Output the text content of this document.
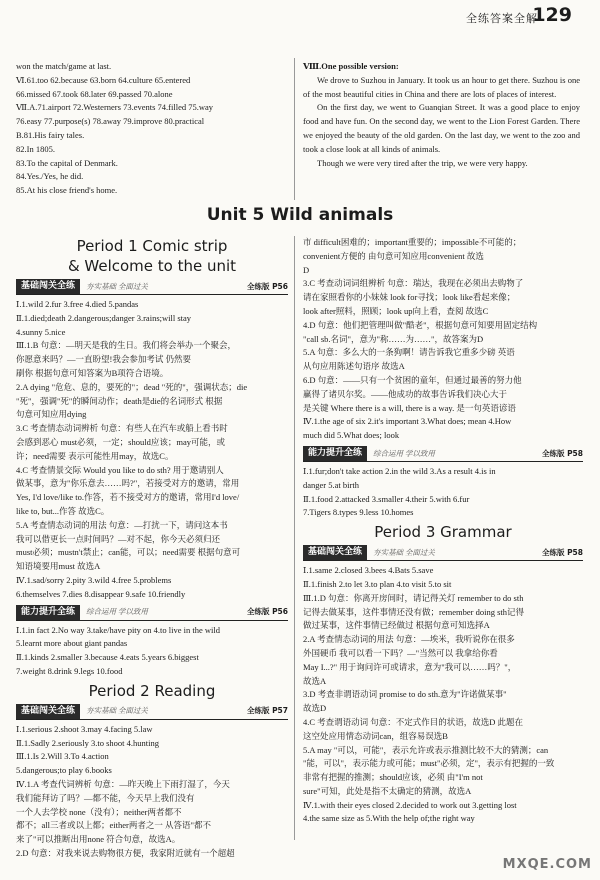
全练答案全解
129

won the match/game at last.

Ⅵ.61.too 62.because 63.born 64.culture 65.entered

66.missed 67.took 68.later 69.passed 70.alone

Ⅶ.A.71.airport 72.Westerners 73.events 74.filled 75.way

76.easy 77.purpose(s) 78.away 79.improve 80.practical

B.81.His fairy tales.

82.In 1805.

83.To the capital of Denmark.

84.Yes./Yes, he did.

85.At his close friend's home.

Ⅷ.One possible version:

We drove to Suzhou in January. It took us an hour to get there. Suzhou is one of the most beautiful cities in China and there are lots of places of interest.

On the first day, we went to Guanqian Street. It was a good place to enjoy food and have fun. On the second day, we went to the Lion Forest Garden. There we enjoyed the beauty of the old garden. On the last day, we went to the zoo and took a close look at all kinds of animals.

Though we were very tired after the trip, we were very happy.

Unit 5 Wild animals

Period 1 Comic strip

& Welcome to the unit

基础闯关全练	夯实基础 全面过关	全练版 P56

Ⅰ.1.wild 2.fur 3.free 4.died 5.pandas

Ⅱ.1.died;death 2.dangerous;danger 3.rains;will stay

4.sunny 5.nice

Ⅲ.1.B 句意：—明天是我的生日。我们将会举办一个聚会，

你愿意来吗？—一直盼望!我会参加考试 仍然要

刷你 根据句意可知答案为B项符合语境。

2.A dying "危危、息的，要死的"；dead "死的"，强调状态；die

"死"，强调"死"的瞬间动作；death是die的名词形式 根据

句意可知应用dying

3.C 考查情态动词辨析 句意：有些人在汽车或船上看书时

会感到恶心 must必须，一定；should应该；may可能，或

许；need需要 表示可能性用may，故选C。

4.C 考查情景交际 Would you like to do sth? 用于邀请别人

做某事，意为"你乐意去……吗?"，若接受对方的邀请，常用

Yes, I'd love/like to.作答，若不接受对方的邀请，常用I'd love/

like to, but...作答 故选C。

5.A 考查情态动词的用法 句意：—打扰一下，请问这本书

我可以借更长一点时间吗？—对不起，你今天必须归还

must必须；mustn't禁止；can能，可以；need需要 根据句意可

知语境要用must 故选A

Ⅳ.1.sad/sorry 2.pity 3.wild 4.free 5.problems

6.themselves 7.dies 8.disappear 9.safe 10.friendly

能力提升全练	综合运用 学以致用	全练版 P56

Ⅰ.1.in fact 2.No way 3.take/have pity on 4.to live in the wild

5.learnt more about giant pandas

Ⅱ.1.kinds 2.smaller 3.because 4.eats 5.years 6.biggest

7.weight 8.drink 9.legs 10.food

Period 2 Reading

基础闯关全练	夯实基础 全面过关	全练版 P57

Ⅰ.1.serious 2.shoot 3.may 4.facing 5.law

Ⅱ.1.Sadly 2.seriously 3.to shoot 4.hunting

Ⅲ.1.Is 2.Will 3.To 4.action

5.dangerous;to play 6.books

Ⅳ.1.A 考查代词辨析 句意：—昨天晚上下雨打湿了，今天

我们能拜访了吗？—都不能，今天早上我们没有

一个人去学校 none（没有）；neither两者都不

都不；all三者或以上都；either两者之一 从答语"都不

来了"可以推断出用none 符合句意，故选A。

2.D 句意：对我来说去购物很方便，我家附近就有一个超超

市 difficult困难的；important重要的；impossible不可能的；

convenient方便的 由句意可知应用convenient 故选

D

3.C 考查动词词组辨析 句意：瑞达，我现在必须出去购物了

请在家照看你的小妹妹 look for寻找；look like看起来像；

look after照料，照顾；look up向上看，查阅 故选C

4.D 句意：他们把管理叫做"酷老"，根据句意可知要用固定结构

"call sb.名词"，意为"称……为……"，故答案为D

5.A 句意：多么大的一条狗啊！请告诉我它重多少磅 英语

从句应用陈述句语序 故选A

6.D 句意：——只有一个贫困的童年，但通过最善的努力他

赢得了诸贝尔奖。——他成功的故事告诉我们决心大于

是关键 Where there is a will, there is a way. 是一句英语谚语

Ⅳ.1.the age of six 2.it's important 3.What does; mean 4.How

much did 5.What does; look

能力提升全练	综合运用 学以致用	全练版 P58

Ⅰ.1.fur;don't take action 2.in the wild 3.As a result 4.is in

danger 5.at birth

Ⅱ.1.food 2.attacked 3.smaller 4.their 5.with 6.fur

7.Tigers 8.types 9.less 10.homes

Period 3 Grammar

基础闯关全练	夯实基础 全面过关	全练版 P58

Ⅰ.1.same 2.closed 3.bees 4.Bats 5.save

Ⅱ.1.finish 2.to let 3.to plan 4.to visit 5.to sit

Ⅲ.1.D 句意：你离开房间时，请记得关灯 remember to do sth

记得去做某事，这件事情还没有做；remember doing sth记得

做过某事，这件事情已经做过 根据句意可知选择A

2.A 考查情态动词的用法 句意：—埃米，我听说你在很多

外国硬币 我可以看一下吗？—"当然可以 我拿给你看

May I...?" 用于询问许可或请求，意为"我可以……吗？"，

故选A

3.D 考查非谓语动词 promise to do sth.意为"许诺做某事"

故选D

4.C 考查谓语动词 句意：不定式作目的状语，故选D 此题在

这空处应用情态动词can，组容易误选B

5.A may "可以，可能"，表示允许或表示推测比较不大的猜测；can

"能，可以"，表示能力或可能；must"必须，定"，表示有把握的一致

非常有把握的推测；should应该，必须 由"I'm not

sure"可知，此处是指不太确定的猜测，故选A

Ⅳ.1.with their eyes closed 2.decided to work out 3.getting lost

4.the same size as 5.With the help of;the right way

MXQE.COM
